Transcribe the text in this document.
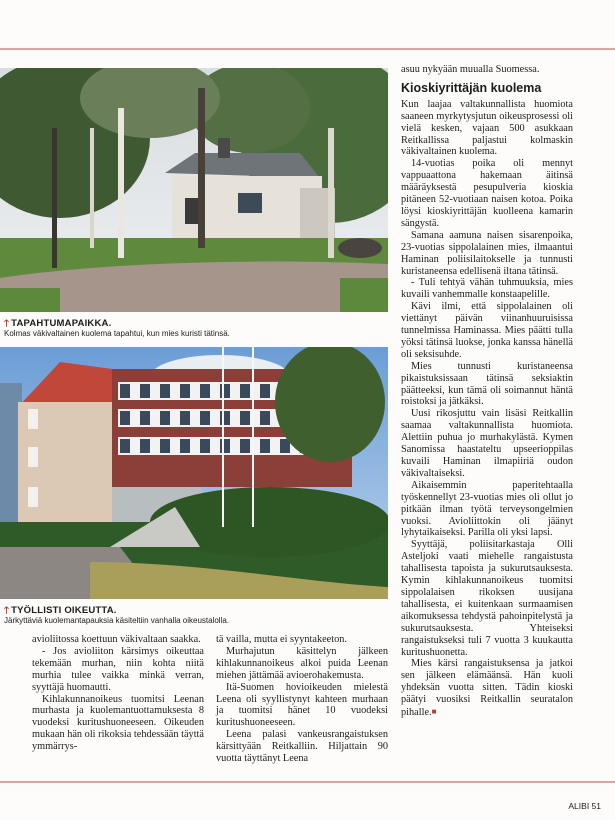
🡑 TAPAHTUMAPAIKKA.
Kolmas väkivaltainen kuolema tapahtui, kun mies kuristi tätinsä.
🡑 TYÖLLISTI OIKEUTTA.
Järkyttäviä kuolemantapauksia käsiteltiin vanhalla oikeustalolla.

asuu nykyään muualla Suomessa.

Kioskiyrittäjän kuolema

Kun laajaa valtakunnallista huomiota saaneen myrkytysjutun oikeusprosessi oli vielä kesken, vajaan 500 asukkaan Reitkallissa paljastui kolmaskin väkivaltainen kuolema.

14-vuotias poika oli mennyt vappuaattona hakemaan äitinsä määräyksestä pesupulveria kioskia pitäneen 52-vuotiaan naisen kotoa. Poika löysi kioskiyrittäjän kuolleena kamarin sängystä.

Samana aamuna naisen sisarenpoika, 23-vuotias sippolalainen mies, ilmaantui Haminan poliisilaitokselle ja tunnusti kuristaneensa edellisenä iltana tätinsä.

- Tuli tehtyä vähän tuhmuuksia, mies kuvaili vanhemmalle konstaapelille.

Kävi ilmi, että sippolalainen oli viettänyt päivän viinanhuuruisissa tunnelmissa Haminassa. Mies päätti tulla yöksi tätinsä luokse, jonka kanssa hänellä oli seksisuhde.

Mies tunnusti kuristaneensa pikaistuksissaan tätinsä seksiaktin päätteeksi, kun tämä oli soimannut häntä roistoksi ja jätkäksi.

Uusi rikosjuttu vain lisäsi Reitkallin saamaa valtakunnallista huomiota. Alettiin puhua jo murhakylästä. Kymen Sanomissa haastateltu upseerioppilas kuvaili Haminan ilmapiiriä oudon väkivaltaiseksi.

Aikaisemmin paperitehtaalla työskennellyt 23-vuotias mies oli ollut jo pitkään ilman työtä terveysongelmien vuoksi. Avioliittokin oli jäänyt lyhytaikaiseksi. Parilla oli yksi lapsi.

Syyttäjä, poliisitarkastaja Olli Asteljoki vaati miehelle rangaistusta tahallisesta tapoista ja sukurutsauksesta. Kymin kihlakunnanoikeus tuomitsi sippolalaisen rikoksen uusijana tahallisesta, ei kuitenkaan surmaamisen aikomuksessa tehdystä pahoinpitelystä ja sukurutsauksesta. Yhteiseksi rangaistukseksi tuli 7 vuotta 3 kuukautta kuritushuonetta.

Mies kärsi rangaistuksensa ja jatkoi sen jälkeen elämäänsä. Hän kuoli yhdeksän vuotta sitten. Tädin kioski päätyi vuosiksi Reitkallin seuratalon pihalle.■

avioliitossa koettuun väkivaltaan saakka.

- Jos avioliiton kärsimys oikeuttaa tekemään murhan, niin kohta niitä murhia tulee vaikka minkä verran, syyttäjä huomautti.

Kihlakunnanoikeus tuomitsi Leenan murhasta ja kuolemantuottamuksesta 8 vuodeksi kuritushuoneeseen. Oikeuden mukaan hän oli rikoksia tehdessään täyttä ymmärrys-

tä vailla, mutta ei syyntakeeton.

Murhajutun käsittelyn jälkeen kihlakunnanoikeus alkoi puida Leenan miehen jättämää avioerohakemusta.

Itä-Suomen hovioikeuden mielestä Leena oli syyllistynyt kahteen murhaan ja tuomitsi hänet 10 vuodeksi kuritushuoneeseen.

Leena palasi vankeusrangaistuksen kärsittyään Reitkalliin. Hiljattain 90 vuotta täyttänyt Leena

ALIBI 51
